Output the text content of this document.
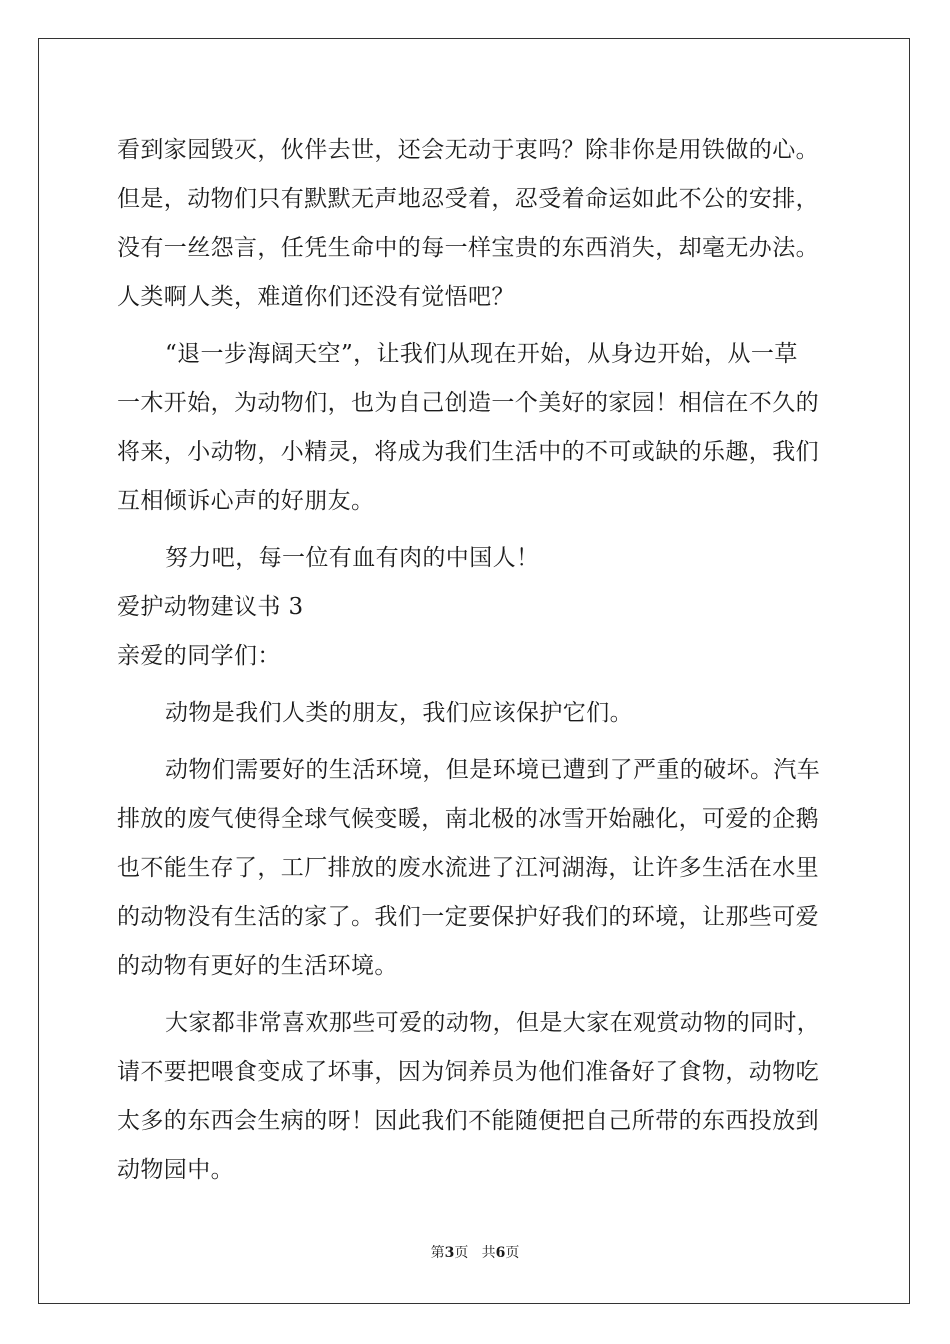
看到家园毁灭，伙伴去世，还会无动于衷吗？除非你是用铁做的心。
但是，动物们只有默默无声地忍受着，忍受着命运如此不公的安排，
没有一丝怨言，任凭生命中的每一样宝贵的东西消失，却毫无办法。
人类啊人类，难道你们还没有觉悟吧？
“退一步海阔天空”，让我们从现在开始，从身边开始，从一草
一木开始，为动物们，也为自己创造一个美好的家园！相信在不久的
将来，小动物，小精灵，将成为我们生活中的不可或缺的乐趣，我们
互相倾诉心声的好朋友。
努力吧，每一位有血有肉的中国人！
爱护动物建议书 3
亲爱的同学们：
动物是我们人类的朋友，我们应该保护它们。
动物们需要好的生活环境，但是环境已遭到了严重的破坏。汽车
排放的废气使得全球气候变暖，南北极的冰雪开始融化，可爱的企鹅
也不能生存了，工厂排放的废水流进了江河湖海，让许多生活在水里
的动物没有生活的家了。我们一定要保护好我们的环境，让那些可爱
的动物有更好的生活环境。
大家都非常喜欢那些可爱的动物，但是大家在观赏动物的同时，
请不要把喂食变成了坏事，因为饲养员为他们准备好了食物，动物吃
太多的东西会生病的呀！因此我们不能随便把自己所带的东西投放到
动物园中。
第3页 共6页
